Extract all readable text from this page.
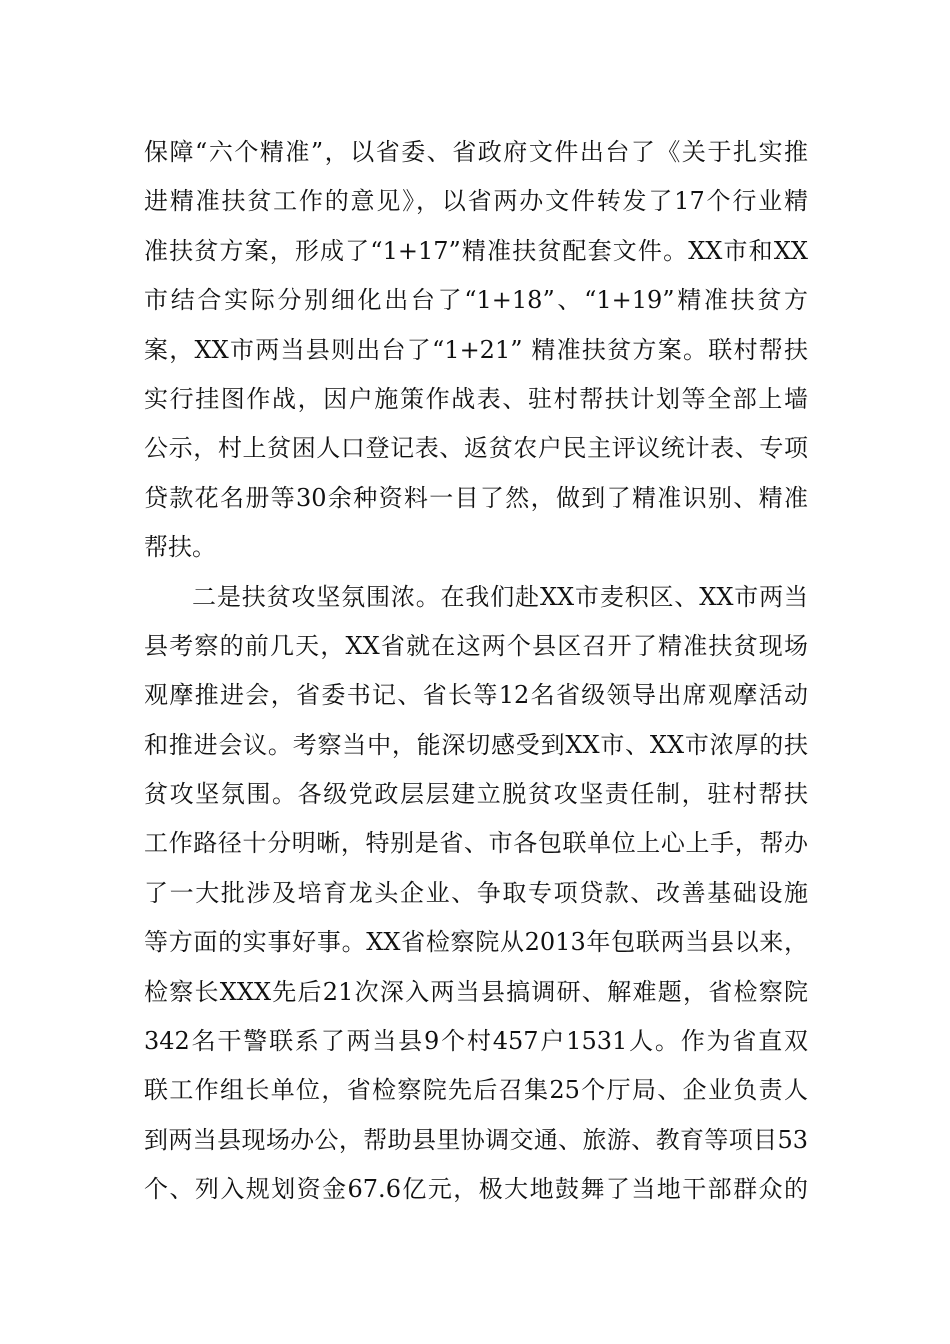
保障“六个精准”，以省委、省政府文件出台了《关于扎实推
进精准扶贫工作的意见》，以省两办文件转发了17个行业精
准扶贫方案，形成了“1+17”精准扶贫配套文件。XX市和XX
市结合实际分别细化出台了“1+18”、“1+19”精准扶贫方
案，XX市两当县则出台了“1+21” 精准扶贫方案。联村帮扶
实行挂图作战，因户施策作战表、驻村帮扶计划等全部上墙
公示，村上贫困人口登记表、返贫农户民主评议统计表、专项
贷款花名册等30余种资料一目了然，做到了精准识别、精准
帮扶。
二是扶贫攻坚氛围浓。在我们赴XX市麦积区、XX市两当
县考察的前几天，XX省就在这两个县区召开了精准扶贫现场
观摩推进会，省委书记、省长等12名省级领导出席观摩活动
和推进会议。考察当中，能深切感受到XX市、XX市浓厚的扶
贫攻坚氛围。各级党政层层建立脱贫攻坚责任制，驻村帮扶
工作路径十分明晰，特别是省、市各包联单位上心上手，帮办
了一大批涉及培育龙头企业、争取专项贷款、改善基础设施
等方面的实事好事。XX省检察院从2013年包联两当县以来，
检察长XXX先后21次深入两当县搞调研、解难题，省检察院
342名干警联系了两当县9个村457户1531人。作为省直双
联工作组长单位，省检察院先后召集25个厅局、企业负责人
到两当县现场办公，帮助县里协调交通、旅游、教育等项目53
个、列入规划资金67.6亿元，极大地鼓舞了当地干部群众的
